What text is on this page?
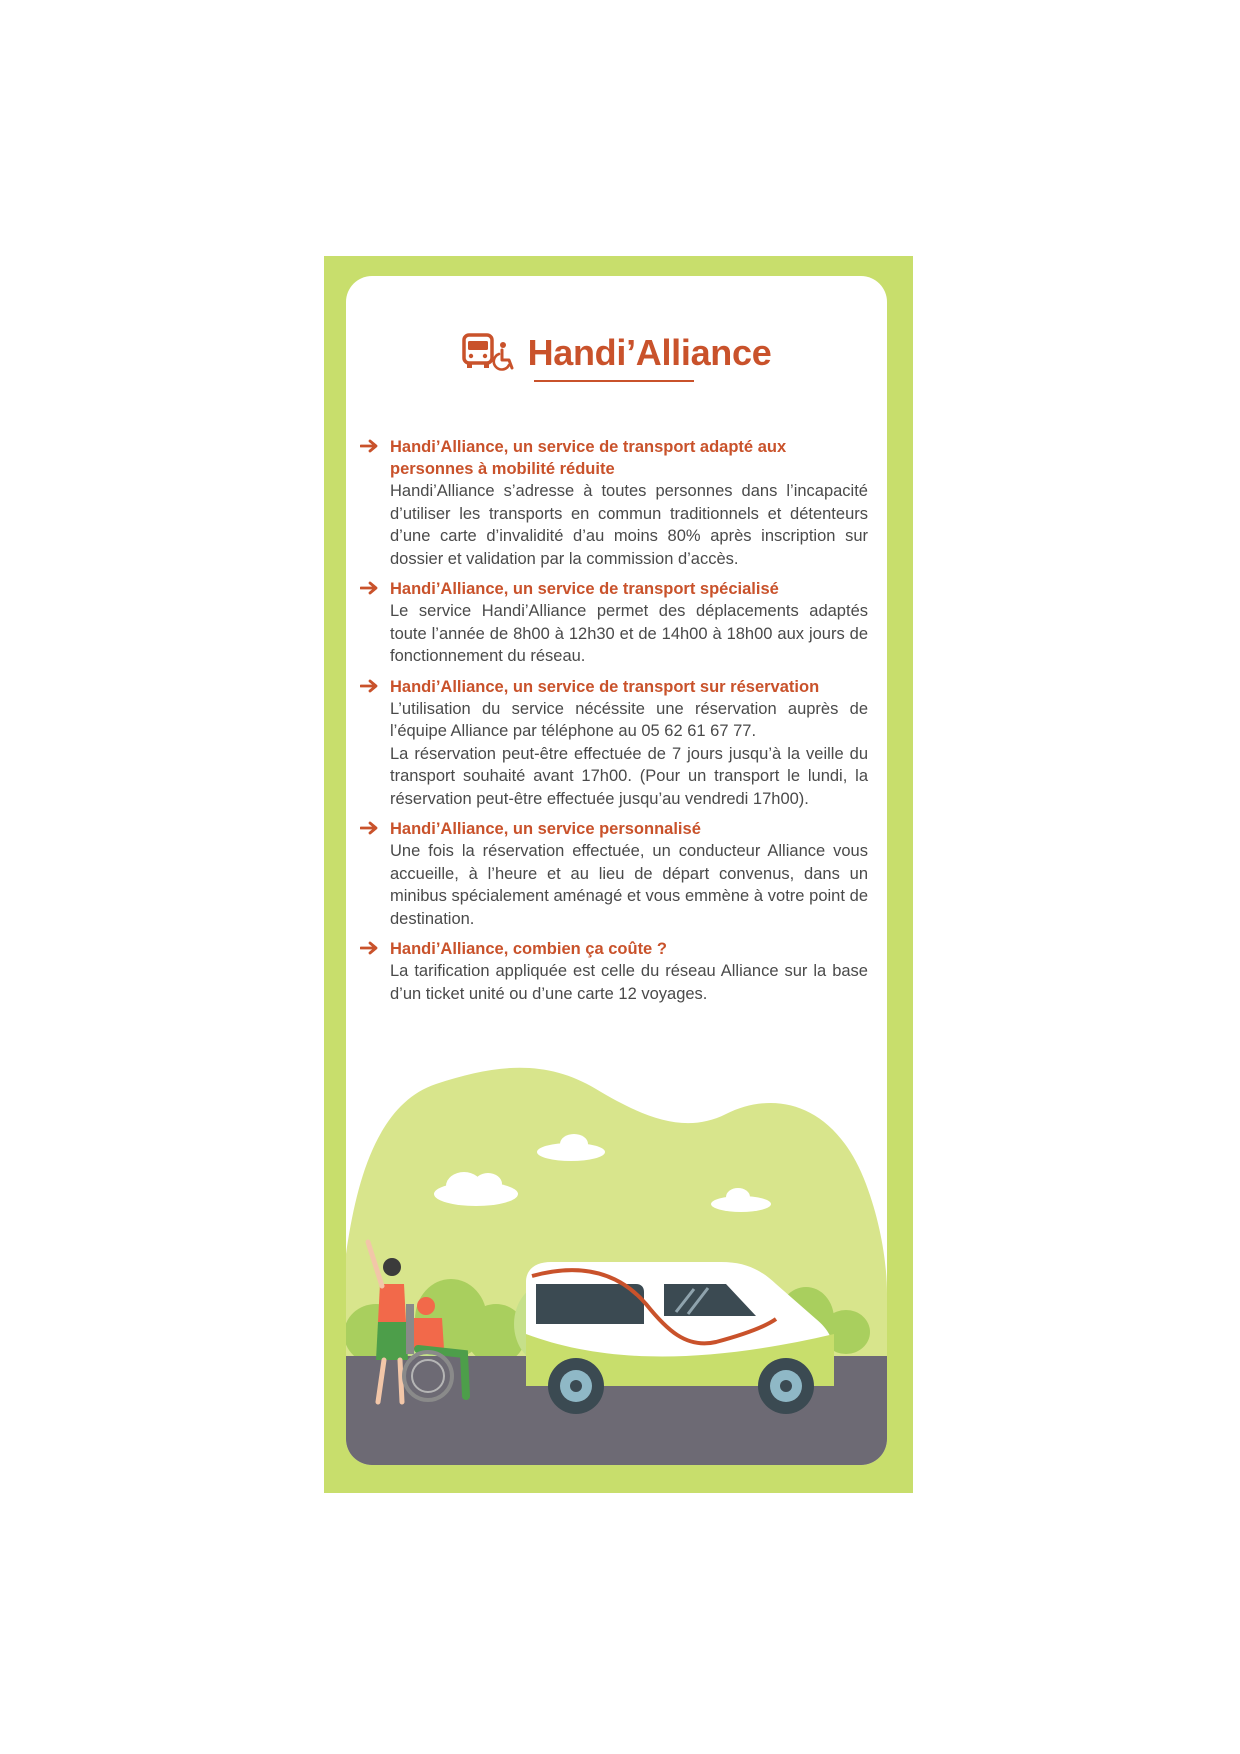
Handi’Alliance

Handi’Alliance, un service de transport adapté aux personnes à mobilité réduite

Handi’Alliance s’adresse à toutes personnes dans l’incapacité d’utiliser les transports en commun traditionnels et détenteurs d’une carte d’invalidité d’au moins 80% après inscription sur dossier et validation par la commission d’accès.

Handi’Alliance, un service de transport spécialisé

Le service Handi’Alliance permet des déplacements adaptés toute l’année de 8h00 à 12h30 et de 14h00 à 18h00 aux jours de fonctionnement du réseau.

Handi’Alliance, un service de transport sur réservation

L’utilisation du service nécéssite une réservation auprès de l’équipe Alliance par téléphone au 05 62 61 67 77.

La réservation peut-être effectuée de 7 jours jusqu’à la veille du transport souhaité avant 17h00. (Pour un transport le lundi, la réservation peut-être effectuée jusqu’au vendredi 17h00).

Handi’Alliance, un service personnalisé

Une fois la réservation effectuée, un conducteur Alliance vous accueille, à l’heure et au lieu de départ convenus, dans un minibus spécialement aménagé et vous emmène à votre point de destination.

Handi’Alliance, combien ça coûte ?

La tarification appliquée est celle du réseau Alliance sur la base d’un ticket unité ou d’une carte 12 voyages.
